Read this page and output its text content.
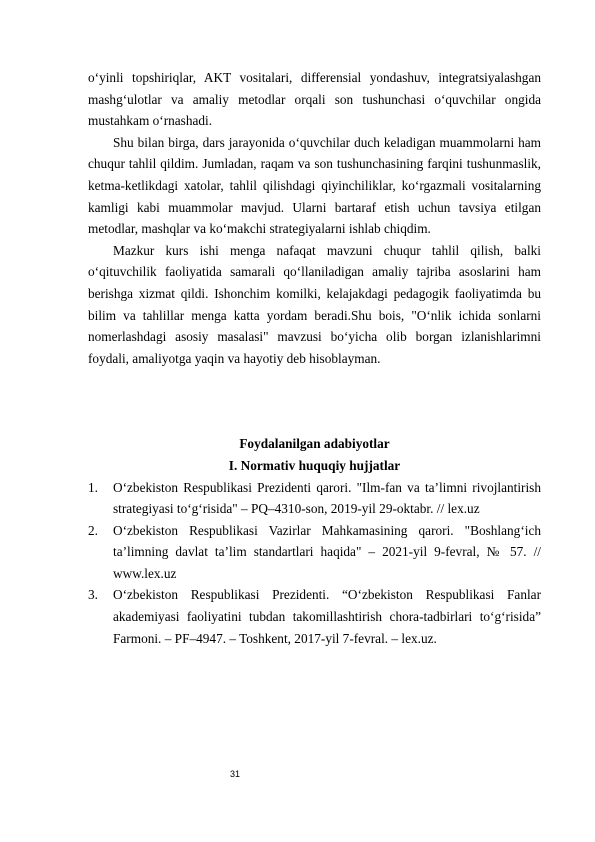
o‘yinli topshiriqlar, AKT vositalari, differensial yondashuv, integratsiyalashgan mashg‘ulotlar va amaliy metodlar orqali son tushunchasi o‘quvchilar ongida mustahkam o‘rnashadi.

Shu bilan birga, dars jarayonida o‘quvchilar duch keladigan muammolarni ham chuqur tahlil qildim. Jumladan, raqam va son tushunchasining farqini tushunmaslik, ketma-ketlikdagi xatolar, tahlil qilishdagi qiyinchiliklar, ko‘rgazmali vositalarning kamligi kabi muammolar mavjud. Ularni bartaraf etish uchun tavsiya etilgan metodlar, mashqlar va ko‘makchi strategiyalarni ishlab chiqdim.

Mazkur kurs ishi menga nafaqat mavzuni chuqur tahlil qilish, balki o‘qituvchilik faoliyatida samarali qo‘llaniladigan amaliy tajriba asoslarini ham berishga xizmat qildi. Ishonchim komilki, kelajakdagi pedagogik faoliyatimda bu bilim va tahlillar menga katta yordam beradi.Shu bois, "O‘nlik ichida sonlarni nomerlashdagi asosiy masalasi" mavzusi bo‘yicha olib borgan izlanishlarimni foydali, amaliyotga yaqin va hayotiy deb hisoblayman.

Foydalanilgan adabiyotlar

I. Normativ huquqiy hujjatlar

1. O‘zbekiston Respublikasi Prezidenti qarori. "Ilm-fan va ta’limni rivojlantirish strategiyasi to‘g‘risida" – PQ–4310-son, 2019-yil 29-oktabr. // lex.uz
2. O‘zbekiston Respublikasi Vazirlar Mahkamasining qarori. "Boshlang‘ich ta’limning davlat ta’lim standartlari haqida" – 2021-yil 9-fevral, № 57. // www.lex.uz
3. O‘zbekiston Respublikasi Prezidenti. “O‘zbekiston Respublikasi Fanlar akademiyasi faoliyatini tubdan takomillashtirish chora-tadbirlari to‘g‘risida” Farmoni. – PF–4947. – Toshkent, 2017-yil 7-fevral. – lex.uz.
31
